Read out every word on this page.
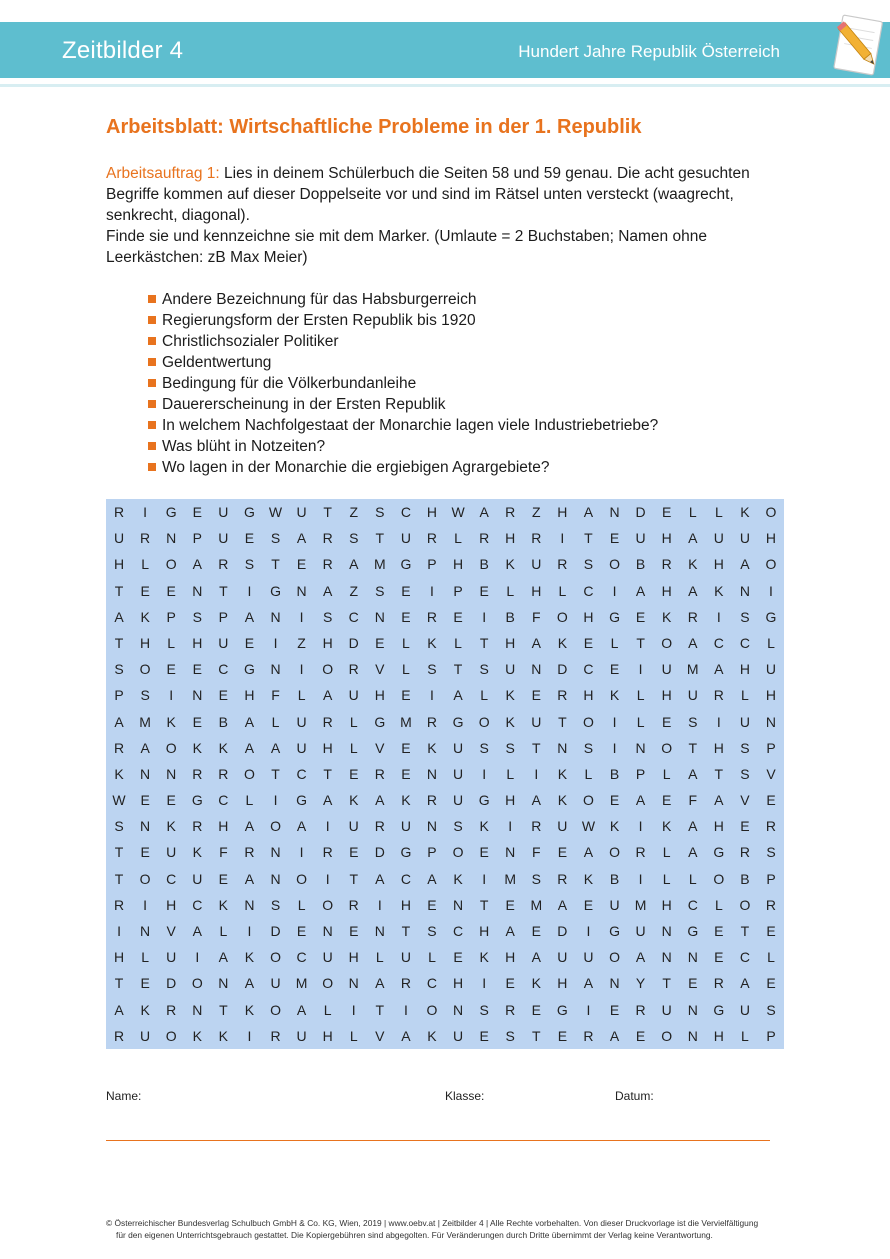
Zeitbilder 4	Hundert Jahre Republik Österreich
Arbeitsblatt: Wirtschaftliche Probleme in der 1. Republik
Arbeitsauftrag 1: Lies in deinem Schülerbuch die Seiten 58 und 59 genau. Die acht gesuchten Begriffe kommen auf dieser Doppelseite vor und sind im Rätsel unten versteckt (waagrecht, senkrecht, diagonal).
Finde sie und kennzeichne sie mit dem Marker. (Umlaute = 2 Buchstaben; Namen ohne Leerkästchen: zB Max Meier)
Andere Bezeichnung für das Habsburgerreich
Regierungsform der Ersten Republik bis 1920
Christlichsozialer Politiker
Geldentwertung
Bedingung für die Völkerbundanleihe
Dauererscheinung in der Ersten Republik
In welchem Nachfolgestaat der Monarchie lagen viele Industriebetriebe?
Was blüht in Notzeiten?
Wo lagen in der Monarchie die ergiebigen Agrargebiete?
R	I	G	E	U	G	W	U	T	Z	S	C	H	W	A	R	Z	H	A	N	D	E	L	L	K	O
U	R	N	P	U	E	S	A	R	S	T	U	R	L	R	H	R	I	T	E	U	H	A	U	U	H
H	L	O	A	R	S	T	E	R	A	M	G	P	H	B	K	U	R	S	O	B	R	K	H	A	O
T	E	E	N	T	I	G	N	A	Z	S	E	I	P	E	L	H	L	C	I	A	H	A	K	N	I
A	K	P	S	P	A	N	I	S	C	N	E	R	E	I	B	F	O	H	G	E	K	R	I	S	G
T	H	L	H	U	E	I	Z	H	D	E	L	K	L	T	H	A	K	E	L	T	O	A	C	C	L
S	O	E	E	C	G	N	I	O	R	V	L	S	T	S	U	N	D	C	E	I	U	M	A	H	U
P	S	I	N	E	H	F	L	A	U	H	E	I	A	L	K	E	R	H	K	L	H	U	R	L	H
A	M	K	E	B	A	L	U	R	L	G	M	R	G	O	K	U	T	O	I	L	E	S	I	U	N
R	A	O	K	K	A	A	U	H	L	V	E	K	U	S	S	T	N	S	I	N	O	T	H	S	P
K	N	N	R	R	O	T	C	T	E	R	E	N	U	I	L	I	K	L	B	P	L	A	T	S	V
W	E	E	G	C	L	I	G	A	K	A	K	R	U	G	H	A	K	O	E	A	E	F	A	V	E
S	N	K	R	H	A	O	A	I	U	R	U	N	S	K	I	R	U	W	K	I	K	A	H	E	R
T	E	U	K	F	R	N	I	R	E	D	G	P	O	E	N	F	E	A	O	R	L	A	G	R	S
T	O	C	U	E	A	N	O	I	T	A	C	A	K	I	M	S	R	K	B	I	L	L	O	B	P
R	I	H	C	K	N	S	L	O	R	I	H	E	N	T	E	M	A	E	U	M	H	C	L	O	R
I	N	V	A	L	I	D	E	N	E	N	T	S	C	H	A	E	D	I	G	U	N	G	E	T	E
H	L	U	I	A	K	O	C	U	H	L	U	L	E	K	H	A	U	U	O	A	N	N	E	C	L
T	E	D	O	N	A	U	M	O	N	A	R	C	H	I	E	K	H	A	N	Y	T	E	R	A	E
A	K	R	N	T	K	O	A	L	I	T	I	O	N	S	R	E	G	I	E	R	U	N	G	U	S
R	U	O	K	K	I	R	U	H	L	V	A	K	U	E	S	T	E	R	A	E	O	N	H	L	P
Name:	Klasse:	Datum:
© Österreichischer Bundesverlag Schulbuch GmbH & Co. KG, Wien, 2019 | www.oebv.at | Zeitbilder 4 | Alle Rechte vorbehalten. Von dieser Druckvorlage ist die Vervielfältigung
für den eigenen Unterrichtsgebrauch gestattet. Die Kopiergebühren sind abgegolten. Für Veränderungen durch Dritte übernimmt der Verlag keine Verantwortung.
